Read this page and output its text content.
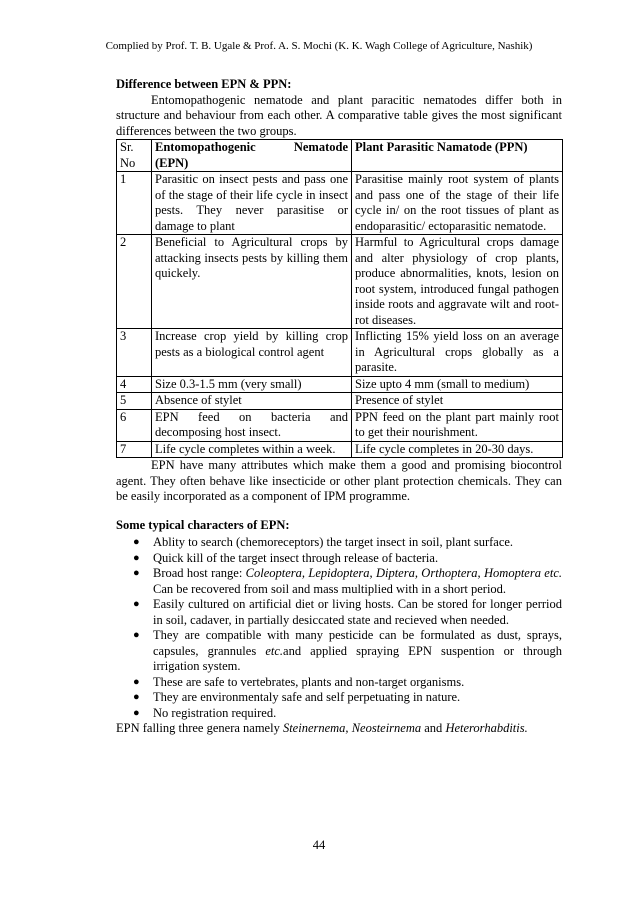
Complied by Prof. T. B. Ugale & Prof. A. S. Mochi (K. K. Wagh College of Agriculture, Nashik)
Difference between EPN & PPN:

Entomopathogenic nematode and plant paracitic nematodes differ both in structure and behaviour from each other. A comparative table gives the most significant differences between the two groups.

Sr. No	Entomopathogenic Nematode (EPN)	Plant Parasitic Namatode (PPN)
1	Parasitic on insect pests and pass one of the stage of their life cycle in insect pests. They never parasitise or damage to plant	Parasitise mainly root system of plants and pass one of the stage of their life cycle in/ on the root tissues of plant as endoparasitic/ ectoparasitic nematode.
2	Beneficial to Agricultural crops by attacking insects pests by killing them quickely.	Harmful to Agricultural crops damage and alter physiology of crop plants, produce abnormalities, knots, lesion on root system, introduced fungal pathogen inside roots and aggravate wilt and root-rot diseases.
3	Increase crop yield by killing crop pests as a biological control agent	Inflicting 15% yield loss on an average in Agricultural crops globally as a parasite.
4	Size 0.3-1.5 mm (very small)	Size upto 4 mm (small to medium)
5	Absence of stylet	Presence of stylet
6	EPN feed on bacteria and decomposing host insect.	PPN feed on the plant part mainly root to get their nourishment.
7	Life cycle completes within a week.	Life cycle completes in 20-30 days.

EPN have many attributes which make them a good and promising biocontrol agent. They often behave like insecticide or other plant protection chemicals. They can be easily incorporated as a component of IPM programme.

Some typical characters of EPN:
● Ablity to search (chemoreceptors) the target insect in soil, plant surface.
● Quick kill of the target insect through release of bacteria.
● Broad host range: Coleoptera, Lepidoptera, Diptera, Orthoptera, Homoptera etc. Can be recovered from soil and mass multiplied with in a short period.
● Easily cultured on artificial diet or living hosts. Can be stored for longer perriod in soil, cadaver, in partially desiccated state and recieved when needed.
● They are compatible with many pesticide can be formulated as dust, sprays, capsules, grannules etc.and applied spraying EPN suspention or through irrigation system.
● These are safe to vertebrates, plants and non-target organisms.
● They are environmentaly safe and self perpetuating in nature.
● No registration required.

EPN falling three genera namely Steinernema, Neosteirnema and Heterorhabditis.

44
